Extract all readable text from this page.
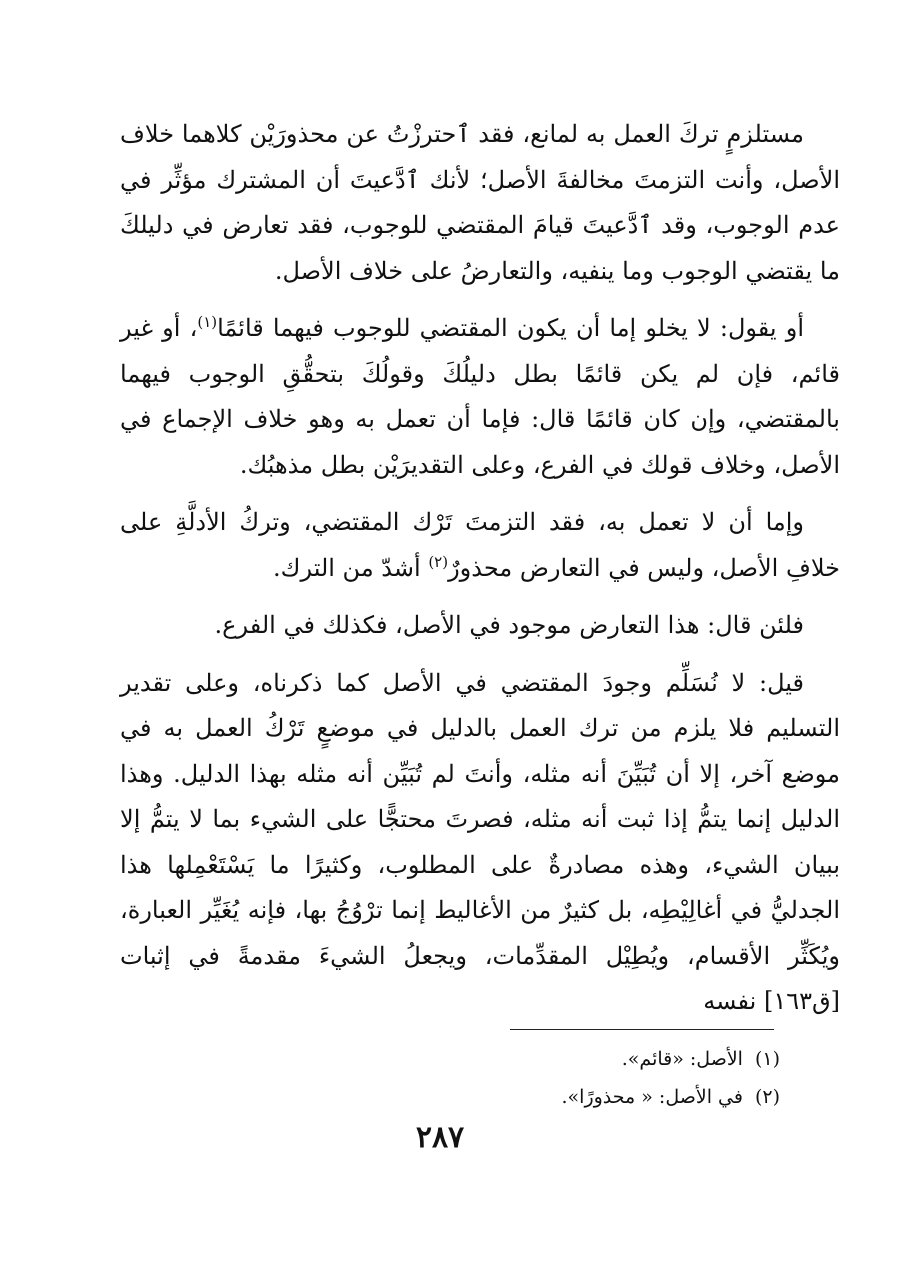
مستلزمٍ تركَ العمل به لمانع، فقد ٱحترزْتُ عن محذورَيْن كلاهما خلاف الأصل، وأنت التزمتَ مخالفةَ الأصل؛ لأنك ٱدَّعيتَ أن المشترك مؤثِّر في عدم الوجوب، وقد ٱدَّعيتَ قيامَ المقتضي للوجوب، فقد تعارض في دليلكَ ما يقتضي الوجوب وما ينفيه، والتعارضُ على خلاف الأصل.

أو يقول: لا يخلو إما أن يكون المقتضي للوجوب فيهما قائمًا$^{(١)}$، أو غير قائم، فإن لم يكن قائمًا بطل دليلُكَ وقولُكَ بتحقُّقِ الوجوب فيهما بالمقتضي، وإن كان قائمًا قال: فإما أن تعمل به وهو خلاف الإجماع في الأصل، وخلاف قولك في الفرع، وعلى التقديرَيْن بطل مذهبُك.

وإما أن لا تعمل به، فقد التزمتَ تَرْك المقتضي، وتركُ الأدلَّةِ على خلافِ الأصل، وليس في التعارض محذورٌ$^{(٢)}$ أشدّ من الترك.

فلئن قال: هذا التعارض موجود في الأصل، فكذلك في الفرع.

قيل: لا نُسَلِّم وجودَ المقتضي في الأصل كما ذكرناه، وعلى تقدير التسليم فلا يلزم من ترك العمل بالدليل في موضعٍ تَرْكُ العمل به في موضع آخر، إلا أن تُبَيِّنَ أنه مثله، وأنتَ لم تُبَيِّن أنه مثله بهذا الدليل. وهذا الدليل إنما يتمُّ إذا ثبت أنه مثله، فصرتَ محتجًّا على الشيء بما لا يتمُّ إلا ببيان الشيء، وهذه مصادرةٌ على المطلوب، وكثيرًا ما يَسْتَعْمِلها هذا الجدليُّ في أغالِيْطِه، بل كثيرٌ من الأغاليط إنما ترْوُجُ بها، فإنه يُغَيِّر العبارة، ويُكَثِّر الأقسام، ويُطِيْل المقدِّمات، ويجعلُ الشيءَ مقدمةً في إثبات [ق١٦٣] نفسه

(١)الأصل: «قائم».

(٢)في الأصل: « محذورًا».

٢٨٧
